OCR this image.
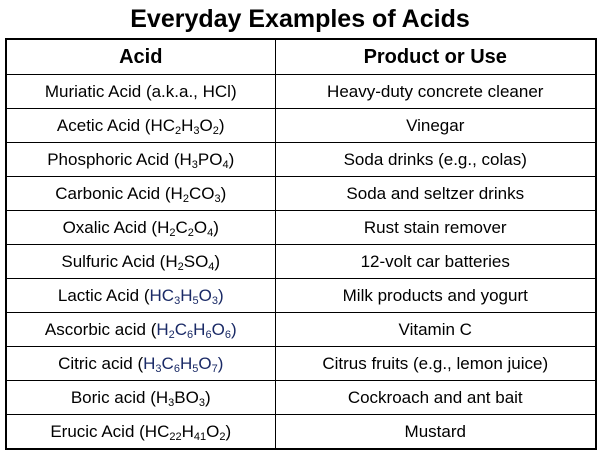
Everyday Examples of Acids
Acid	Product or Use
Muriatic Acid (a.k.a., HCl)	Heavy-duty concrete cleaner
Acetic Acid $(HC_2H_3O_2)$	Vinegar
Phosphoric Acid $(H_3PO_4)$	Soda drinks (e.g., colas)
Carbonic Acid $(H_2CO_3)$	Soda and seltzer drinks
Oxalic Acid $(H_2C_2O_4)$	Rust stain remover
Sulfuric Acid $(H_2SO_4)$	12-volt car batteries
Lactic Acid $(HC_3H_5O_3)$	Milk products and yogurt
Ascorbic acid $(H_2C_6H_6O_6)$	Vitamin C
Citric acid $(H_3C_6H_5O_7)$	Citrus fruits (e.g., lemon juice)
Boric acid $(H_3BO_3)$	Cockroach and ant bait
Erucic Acid $(HC_{22}H_{41}O_2)$	Mustard
